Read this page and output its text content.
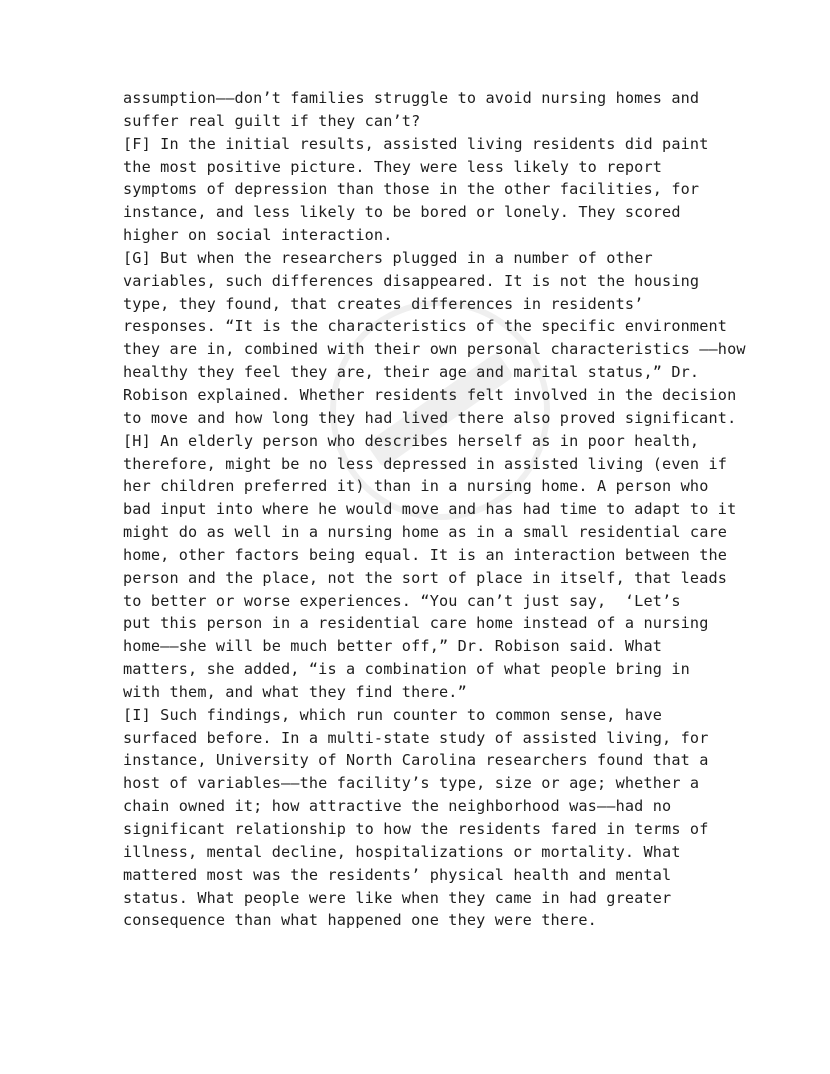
assumption——don’t families struggle to avoid nursing homes and
suffer real guilt if they can’t?
[F] In the initial results, assisted living residents did paint
the most positive picture. They were less likely to report
symptoms of depression than those in the other facilities, for
instance, and less likely to be bored or lonely. They scored
higher on social interaction.
[G] But when the researchers plugged in a number of other
variables, such differences disappeared. It is not the housing
type, they found, that creates differences in residents’
responses. “It is the characteristics of the specific environment
they are in, combined with their own personal characteristics ——how
healthy they feel they are, their age and marital status,” Dr.
Robison explained. Whether residents felt involved in the decision
to move and how long they had lived there also proved significant.
[H] An elderly person who describes herself as in poor health,
therefore, might be no less depressed in assisted living (even if
her children preferred it) than in a nursing home. A person who
bad input into where he would move and has had time to adapt to it
might do as well in a nursing home as in a small residential care
home, other factors being equal. It is an interaction between the
person and the place, not the sort of place in itself, that leads
to better or worse experiences. “You can’t just say,  ‘Let’s
put this person in a residential care home instead of a nursing
home——she will be much better off,” Dr. Robison said. What
matters, she added, “is a combination of what people bring in
with them, and what they find there.”
[I] Such findings, which run counter to common sense, have
surfaced before. In a multi-state study of assisted living, for
instance, University of North Carolina researchers found that a
host of variables——the facility’s type, size or age; whether a
chain owned it; how attractive the neighborhood was——had no
significant relationship to how the residents fared in terms of
illness, mental decline, hospitalizations or mortality. What
mattered most was the residents’ physical health and mental
status. What people were like when they came in had greater
consequence than what happened one they were there.
